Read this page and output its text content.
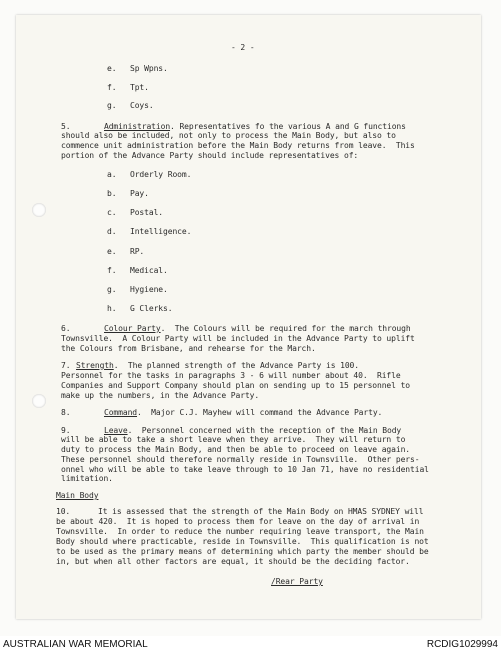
- 2 -
e. Sp Wpns.
f. Tpt.
g. Coys.
5.	Administration. Representatives fo the various A and G functions
should also be included, not only to process the Main Body, but also to
commence unit administration before the Main Body returns from leave.  This
portion of the Advance Party should include representatives of:
a. Orderly Room.
b. Pay.
c. Postal.
d. Intelligence.
e. RP.
f. Medical.
g. Hygiene.
h. G Clerks.
6.	Colour Party.  The Colours will be required for the march through
Townsville.  A Colour Party will be included in the Advance Party to uplift
the Colours from Brisbane, and rehearse for the March.
7. Strength.  The planned strength of the Advance Party is 100.
Personnel for the tasks in paragraphs 3 - 6 will number about 40.  Rifle
Companies and Support Company should plan on sending up to 15 personnel to
make up the numbers, in the Advance Party.
8.	Command.  Major C.J. Mayhew will command the Advance Party.
9.	Leave.  Personnel concerned with the reception of the Main Body
will be able to take a short leave when they arrive.  They will return to
duty to process the Main Body, and then be able to proceed on leave again.
These personnel should therefore normally reside in Townsville.  Other pers-
onnel who will be able to take leave through to 10 Jan 71, have no residential
limitation.
Main Body
10.	It is assessed that the strength of the Main Body on HMAS SYDNEY will
be about 420.  It is hoped to process them for leave on the day of arrival in
Townsville.  In order to reduce the number requiring leave transport, the Main
Body should where practicable, reside in Townsville.  This qualification is not
to be used as the primary means of determining which party the member should be
in, but when all other factors are equal, it should be the deciding factor.
/Rear Party
AUSTRALIAN WAR MEMORIAL	RCDIG1029994
